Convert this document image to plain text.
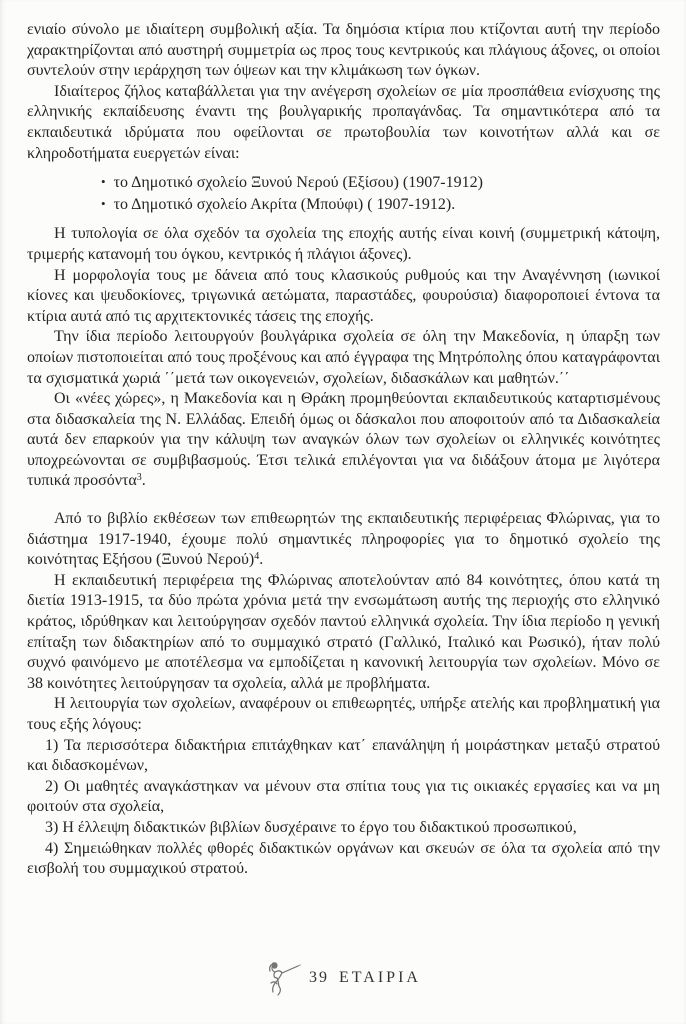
ενιαίο σύνολο με ιδιαίτερη συμβολική αξία. Τα δημόσια κτίρια που κτίζονται αυτή την περίοδο χαρακτηρίζονται από αυστηρή συμμετρία ως προς τους κεντρικούς και πλάγιους άξονες, οι οποίοι συντελούν στην ιεράρχηση των όψεων και την κλιμάκωση των όγκων.

Ιδιαίτερος ζήλος καταβάλλεται για την ανέγερση σχολείων σε μία προσπάθεια ενίσχυσης της ελληνικής εκπαίδευσης έναντι της βουλγαρικής προπαγάνδας. Τα σημαντικότερα από τα εκπαιδευτικά ιδρύματα που οφείλονται σε πρωτοβουλία των κοινοτήτων αλλά και σε κληροδοτήματα ευεργετών είναι:

• το Δημοτικό σχολείο Ξυνού Νερού (Εξίσου) (1907-1912)
• το Δημοτικό σχολείο Ακρίτα (Μπούφι) ( 1907-1912).

Η τυπολογία σε όλα σχεδόν τα σχολεία της εποχής αυτής είναι κοινή (συμμετρική κάτοψη, τριμερής κατανομή του όγκου, κεντρικός ή πλάγιοι άξονες).

Η μορφολογία τους με δάνεια από τους κλασικούς ρυθμούς και την Αναγέννηση (ιωνικοί κίονες και ψευδοκίονες, τριγωνικά αετώματα, παραστάδες, φουρούσια) διαφοροποιεί έντονα τα κτίρια αυτά από τις αρχιτεκτονικές τάσεις της εποχής.

Την ίδια περίοδο λειτουργούν βουλγάρικα σχολεία σε όλη την Μακεδονία, η ύπαρξη των οποίων πιστοποιείται από τους προξένους και από έγγραφα της Μητρόπολης όπου καταγράφονται τα σχισματικά χωριά ΄΄μετά των οικογενειών, σχολείων, διδασκάλων και μαθητών.΄΄

Οι «νέες χώρες», η Μακεδονία και η Θράκη προμηθεύονται εκπαιδευτικούς καταρτισμένους στα διδασκαλεία της Ν. Ελλάδας. Επειδή όμως οι δάσκαλοι που αποφοιτούν από τα Διδασκαλεία αυτά δεν επαρκούν για την κάλυψη των αναγκών όλων των σχολείων οι ελληνικές κοινότητες υποχρεώνονται σε συμβιβασμούς. Έτσι τελικά επιλέγονται για να διδάξουν άτομα με λιγότερα τυπικά προσόντα$^3$.

Από το βιβλίο εκθέσεων των επιθεωρητών της εκπαιδευτικής περιφέρειας Φλώρινας, για το διάστημα 1917-1940, έχουμε πολύ σημαντικές πληροφορίες για το δημοτικό σχολείο της κοινότητας Εξήσου (Ξυνού Νερού)$^4$.

Η εκπαιδευτική περιφέρεια της Φλώρινας αποτελούνταν από 84 κοινότητες, όπου κατά τη διετία 1913-1915, τα δύο πρώτα χρόνια μετά την ενσωμάτωση αυτής της περιοχής στο ελληνικό κράτος, ιδρύθηκαν και λειτούργησαν σχεδόν παντού ελληνικά σχολεία. Την ίδια περίοδο η γενική επίταξη των διδακτηρίων από το συμμαχικό στρατό (Γαλλικό, Ιταλικό και Ρωσικό), ήταν πολύ συχνό φαινόμενο με αποτέλεσμα να εμποδίζεται η κανονική λειτουργία των σχολείων. Μόνο σε 38 κοινότητες λειτούργησαν τα σχολεία, αλλά με προβλήματα.

Η λειτουργία των σχολείων, αναφέρουν οι επιθεωρητές, υπήρξε ατελής και προβληματική για τους εξής λόγους:

1) Τα περισσότερα διδακτήρια επιτάχθηκαν κατ΄ επανάληψη ή μοιράστηκαν μεταξύ στρατού και διδασκομένων,

2) Οι μαθητές αναγκάστηκαν να μένουν στα σπίτια τους για τις οικιακές εργασίες και να μη φοιτούν στα σχολεία,

3) Η έλλειψη διδακτικών βιβλίων δυσχέραινε το έργο του διδακτικού προσωπικού,

4) Σημειώθηκαν πολλές φθορές διδακτικών οργάνων και σκευών σε όλα τα σχολεία από την εισβολή του συμμαχικού στρατού.

39 ΕΤΑΙΡΙΑ
